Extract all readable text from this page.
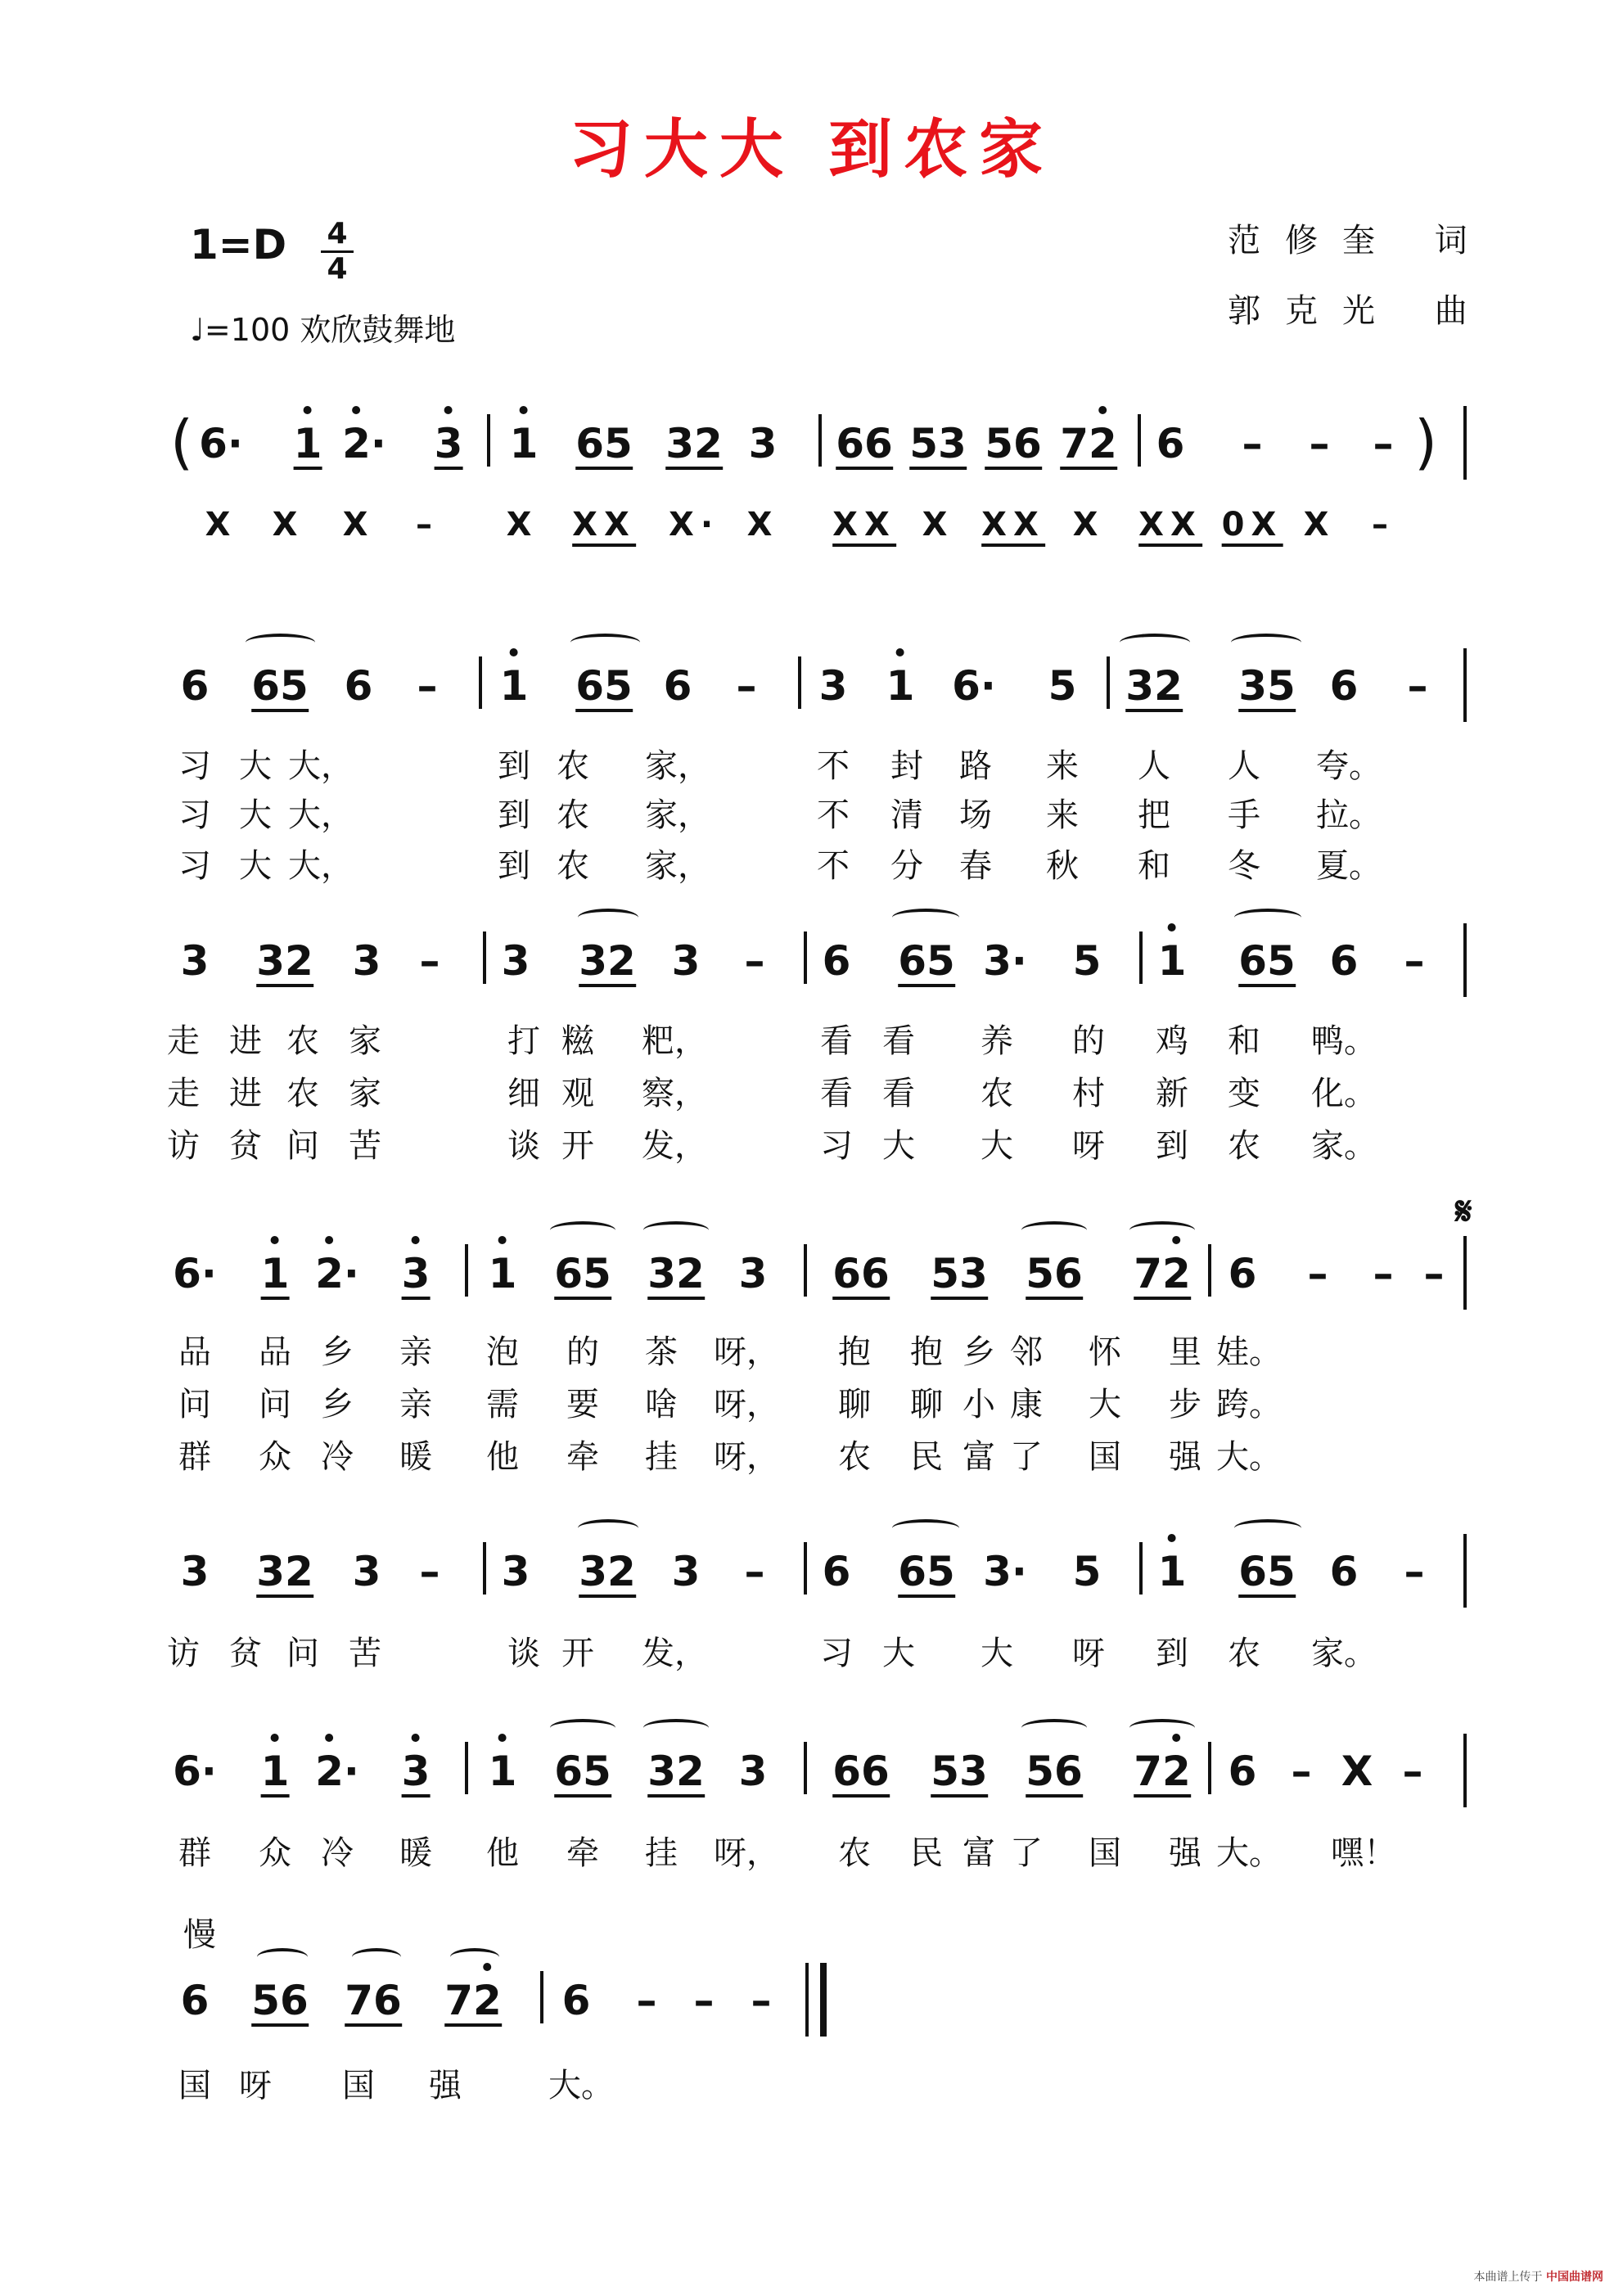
习大大 到农家
1=D 4
4
♩=100 欢欣鼓舞地
范修奎 词
郭克光 曲
6· 1 2
· 3 1 65 32 3 66 53 56 72 6 – – –
(	)
X X X – X XX X· X XX X XX X XX 0X X –
6 65 6 – 1 65 6 – 3 1 6· 5 32 35 6 –
习 大 大，	到 农 家，	不 封 路 来 人 人 夸。
习 大 大，	到 农 家，	不 清 场 来 把 手 拉。
习 大 大，	到 农 家，	不 分 春 秋 和 冬 夏。
3 32 3 – 3 32 3 – 6 65 3· 5 1 65 6 –
走 进 农 家	打 糍 粑，	看 看 养 的 鸡 和 鸭。
走 进 农 家	细 观 察，	看 看 农 村 新 变 化。
访 贫 问 苦	谈 开 发，	习 大 大 呀 到 农 家。
6· 1 2
· 3 1 65 32 3 66 53 56 72 6 – – –
品 品 乡 亲 泡 的 茶 呀， 抱 抱 乡 邻 怀 里 娃。
问 问 乡 亲 需 要 啥 呀， 聊 聊 小 康 大 步 跨。
群 众 冷 暖 他 牵 挂 呀， 农 民 富 了 国 强 大。
3 32 3 – 3 32 3 – 6 65 3· 5 1 65 6 –
访 贫 问 苦	谈 开 发，	习 大 大 呀 到 农 家。
6· 1 2
· 3 1 65 32 3 66 53 56 72 6 – X –
群 众 冷 暖 他 牵 挂 呀， 农 民 富 了 国 强 大。 嘿！
6 56 76 72 6 – – –
国 呀 国 强	大。
𝄋
慢
本曲谱上传于 中国曲谱网
